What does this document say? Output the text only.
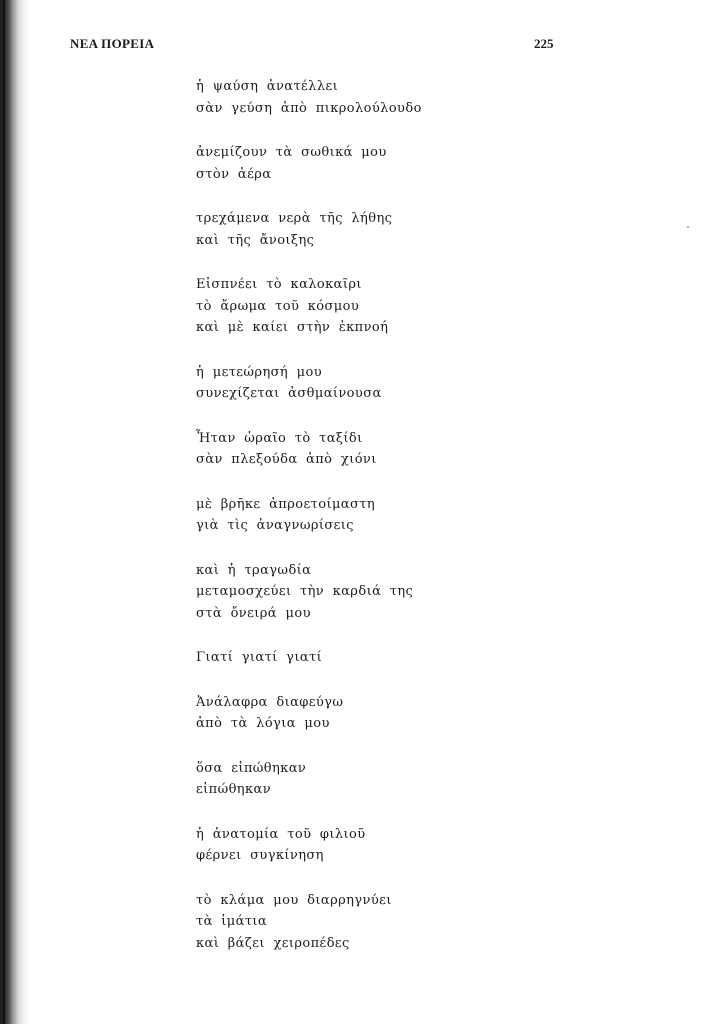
ΝΕΑ ΠΟΡΕΙΑ	225
ἡ ψαύση ἀνατέλλει
σὰν γεύση ἀπὸ πικρολούλουδο
ἀνεμίζουν τὰ σωθικά μου
στὸν ἀέρα
τρεχάμενα νερὰ τῆς λήθης
καὶ τῆς ἄνοιξης
Εἰσπνέει τὸ καλοκαῖρι
τὸ ἄρωμα τοῦ κόσμου
καὶ μὲ καίει στὴν ἐκπνοή
ἡ μετεώρησή μου
συνεχίζεται ἀσθμαίνουσα
Ἦταν ὡραῖο τὸ ταξίδι
σὰν πλεξούδα ἀπὸ χιόνι
μὲ βρῆκε ἀπροετοίμαστη
γιὰ τὶς ἀναγνωρίσεις
καὶ ἡ τραγωδία
μεταμοσχεύει τὴν καρδιά της
στὰ ὄνειρά μου
Γιατί γιατί γιατί
Ἀνάλαφρα διαφεύγω
ἀπὸ τὰ λόγια μου
ὅσα εἰπώθηκαν
εἰπώθηκαν
ἡ ἀνατομία τοῦ φιλιοῦ
φέρνει συγκίνηση
τὸ κλάμα μου διαρρηγνύει
τὰ ἱμάτια
καὶ βάζει χειροπέδες
